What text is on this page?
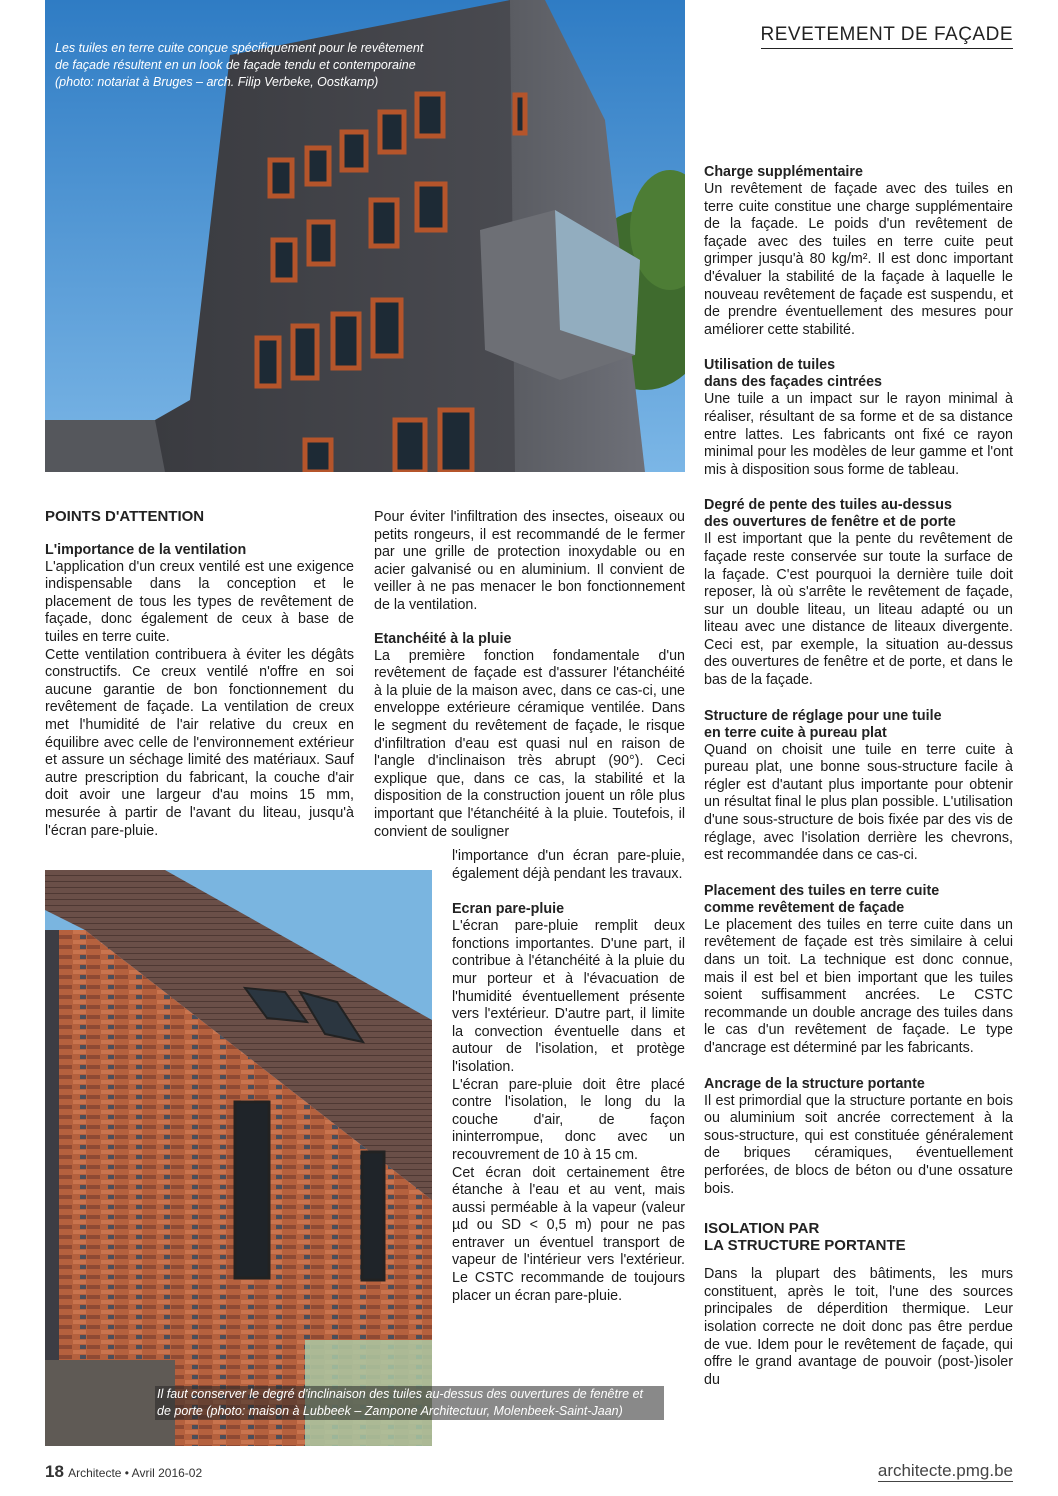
REVETEMENT DE FAÇADE
Les tuiles en terre cuite conçue spécifiquement pour le revêtement
de façade résultent en un look de façade tendu et contemporaine
(photo: notariat à Bruges – arch. Filip Verbeke, Oostkamp)
Il faut conserver le degré d'inclinaison des tuiles au-dessus des ouvertures de fenêtre et
de porte (photo: maison à Lubbeek – Zampone Architectuur, Molenbeek-Saint-Jaan)
POINTS D'ATTENTION
L'importance de la ventilation

L'application d'un creux ventilé est une exigence indispensable dans la conception et le placement de tous les types de revêtement de façade, donc également de ceux à base de tuiles en terre cuite.

Cette ventilation contribuera à éviter les dégâts constructifs. Ce creux ventilé n'offre en soi aucune garantie de bon fonctionnement du revêtement de façade. La ventilation de creux met l'humidité de l'air relative du creux en équilibre avec celle de l'environnement extérieur et assure un séchage limité des matériaux. Sauf autre prescription du fabricant, la couche d'air doit avoir une largeur d'au moins 15 mm, mesurée à partir de l'avant du liteau, jusqu'à l'écran pare-pluie.

Pour éviter l'infiltration des insectes, oiseaux ou petits rongeurs, il est recommandé de le fermer par une grille de protection inoxydable ou en acier galvanisé ou en aluminium. Il convient de veiller à ne pas menacer le bon fonctionnement de la ventilation.

Etanchéité à la pluie

La première fonction fondamentale d'un revêtement de façade est d'assurer l'étanchéité à la pluie de la maison avec, dans ce cas-ci, une enveloppe extérieure céramique ventilée. Dans le segment du revêtement de façade, le risque d'infiltration d'eau est quasi nul en raison de l'angle d'inclinaison très abrupt (90°). Ceci explique que, dans ce cas, la stabilité et la disposition de la construction jouent un rôle plus important que l'étanchéité à la pluie. Toutefois, il convient de souligner

l'importance d'un écran pare-pluie, également déjà pendant les travaux.

Ecran pare-pluie

L'écran pare-pluie remplit deux fonctions importantes. D'une part, il contribue à l'étanchéité à la pluie du mur porteur et à l'évacuation de l'humidité éventuellement présente vers l'extérieur. D'autre part, il limite la convection éventuelle dans et autour de l'isolation, et protège l'isolation.

L'écran pare-pluie doit être placé contre l'isolation, le long du la couche d'air, de façon ininterrompue, donc avec un recouvrement de 10 à 15 cm.

Cet écran doit certainement être étanche à l'eau et au vent, mais aussi perméable à la vapeur (valeur µd ou SD < 0,5 m) pour ne pas entraver un éventuel transport de vapeur de l'intérieur vers l'extérieur. Le CSTC recommande de toujours placer un écran pare-pluie.

Charge supplémentaire

Un revêtement de façade avec des tuiles en terre cuite constitue une charge supplémentaire de la façade. Le poids d'un revêtement de façade avec des tuiles en terre cuite peut grimper jusqu'à 80 kg/m². Il est donc important d'évaluer la stabilité de la façade à laquelle le nouveau revêtement de façade est suspendu, et de prendre éventuellement des mesures pour améliorer cette stabilité.

Utilisation de tuiles
dans des façades cintrées

Une tuile a un impact sur le rayon minimal à réaliser, résultant de sa forme et de sa distance entre lattes. Les fabricants ont fixé ce rayon minimal pour les modèles de leur gamme et l'ont mis à disposition sous forme de tableau.

Degré de pente des tuiles au-dessus
des ouvertures de fenêtre et de porte

Il est important que la pente du revêtement de façade reste conservée sur toute la surface de la façade. C'est pourquoi la dernière tuile doit reposer, là où s'arrête le revêtement de façade, sur un double liteau, un liteau adapté ou un liteau avec une distance de liteaux divergente. Ceci est, par exemple, la situation au-dessus des ouvertures de fenêtre et de porte, et dans le bas de la façade.

Structure de réglage pour une tuile
en terre cuite à pureau plat

Quand on choisit une tuile en terre cuite à pureau plat, une bonne sous-structure facile à régler est d'autant plus importante pour obtenir un résultat final le plus plan possible. L'utilisation d'une sous-structure de bois fixée par des vis de réglage, avec l'isolation derrière les chevrons, est recommandée dans ce cas-ci.

Placement des tuiles en terre cuite
comme revêtement de façade

Le placement des tuiles en terre cuite dans un revêtement de façade est très similaire à celui dans un toit. La technique est donc connue, mais il est bel et bien important que les tuiles soient suffisamment ancrées. Le CSTC recommande un double ancrage des tuiles dans le cas d'un revêtement de façade. Le type d'ancrage est déterminé par les fabricants.

Ancrage de la structure portante

Il est primordial que la structure portante en bois ou aluminium soit ancrée correctement à la sous-structure, qui est constituée généralement de briques céramiques, éventuellement perforées, de blocs de béton ou d'une ossature bois.

ISOLATION PAR
LA STRUCTURE PORTANTE

Dans la plupart des bâtiments, les murs constituent, après le toit, l'une des sources principales de déperdition thermique. Leur isolation correcte ne doit donc pas être perdue de vue. Idem pour le revêtement de façade, qui offre le grand avantage de pouvoir (post-)isoler du

18 Architecte • Avril 2016-02	architecte.pmg.be
